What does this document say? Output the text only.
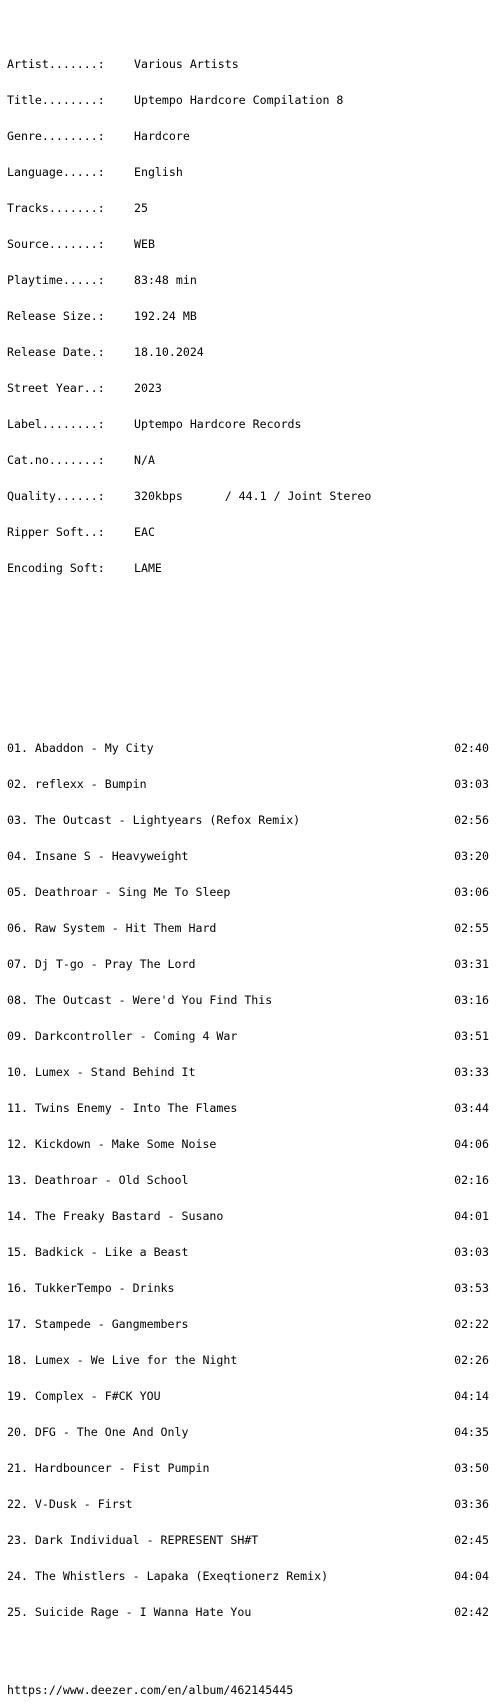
Artist.......:	Various Artists

Title........:	Uptempo Hardcore Compilation 8

Genre........:	Hardcore

Language.....:	English

Tracks.......:	25

Source.......:	WEB

Playtime.....:	83:48 min

Release Size.:	192.24 MB

Release Date.:	18.10.2024

Street Year..:	2023

Label........:	Uptempo Hardcore Records

Cat.no.......:	N/A

Quality......:	320kbps      / 44.1 / Joint Stereo

Ripper Soft..:	EAC

Encoding Soft:	LAME

01. Abaddon - My City	02:40

02. reflexx - Bumpin	03:03

03. The Outcast - Lightyears (Refox Remix)	02:56

04. Insane S - Heavyweight	03:20

05. Deathroar - Sing Me To Sleep	03:06

06. Raw System - Hit Them Hard	02:55

07. Dj T-go - Pray The Lord	03:31

08. The Outcast - Were'd You Find This	03:16

09. Darkcontroller - Coming 4 War	03:51

10. Lumex - Stand Behind It	03:33

11. Twins Enemy - Into The Flames	03:44

12. Kickdown - Make Some Noise	04:06

13. Deathroar - Old School	02:16

14. The Freaky Bastard - Susano	04:01

15. Badkick - Like a Beast	03:03

16. TukkerTempo - Drinks	03:53

17. Stampede - Gangmembers	02:22

18. Lumex - We Live for the Night	02:26

19. Complex - F#CK YOU	04:14

20. DFG - The One And Only	04:35

21. Hardbouncer - Fist Pumpin	03:50

22. V-Dusk - First	03:36

23. Dark Individual - REPRESENT SH#T	02:45

24. The Whistlers - Lapaka (Exeqtionerz Remix)	04:04

25. Suicide Rage - I Wanna Hate You	02:42

https://www.deezer.com/en/album/462145445
